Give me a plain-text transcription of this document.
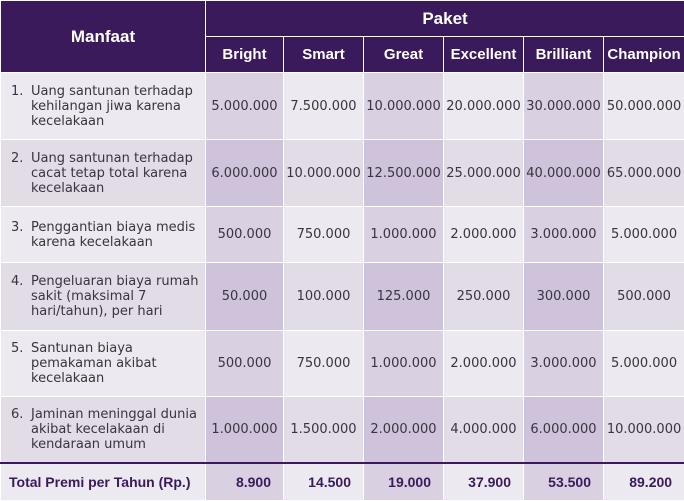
Manfaat	Paket					
	Bright	Smart	Great	Excellent	Brilliant	Champion

1. Uang santunan terhadap kehilangan jiwa karena kecelakaan	5.000.000	7.500.000	10.000.000	20.000.000	30.000.000	50.000.000

2. Uang santunan terhadap cacat tetap total karena kecelakaan	6.000.000	10.000.000	12.500.000	25.000.000	40.000.000	65.000.000

3. Penggantian biaya medis karena kecelakaan	500.000	750.000	1.000.000	2.000.000	3.000.000	5.000.000

4. Pengeluaran biaya rumah sakit (maksimal 7 hari/tahun), per hari	50.000	100.000	125.000	250.000	300.000	500.000

5. Santunan biaya pemakaman akibat kecelakaan	500.000	750.000	1.000.000	2.000.000	3.000.000	5.000.000

6. Jaminan meninggal dunia akibat kecelakaan di kendaraan umum	1.000.000	1.500.000	2.000.000	4.000.000	6.000.000	10.000.000
Total Premi per Tahun (Rp.)	8.900	14.500	19.000	37.900	53.500	89.200
